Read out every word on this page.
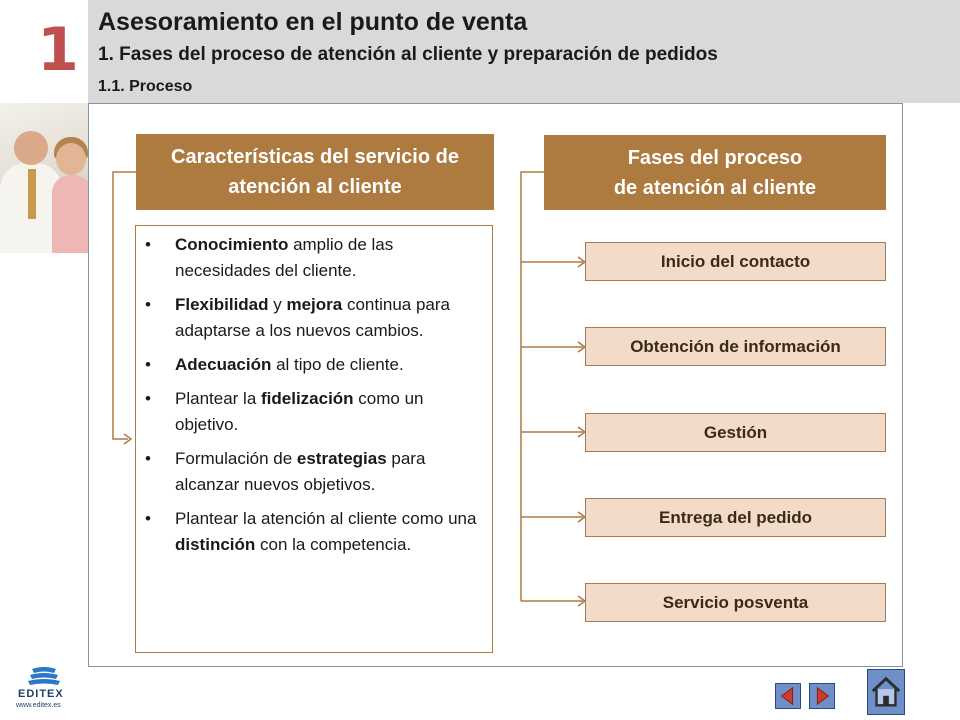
1 Asesoramiento en el punto de venta
1. Fases del proceso de atención al cliente y preparación de pedidos
1.1. Proceso
Características del servicio de
atención al cliente
• Conocimiento amplio de las necesidades del cliente.
• Flexibilidad y mejora continua para adaptarse a los nuevos cambios.
• Adecuación al tipo de cliente.
• Plantear la fidelización como un objetivo.
• Formulación de estrategias para alcanzar nuevos objetivos.
• Plantear la atención al cliente como una distinción con la competencia.
Fases del proceso
de atención al cliente
Inicio del contacto
Obtención de información
Gestión
Entrega del pedido
Servicio posventa
EDITEX
www.editex.es
